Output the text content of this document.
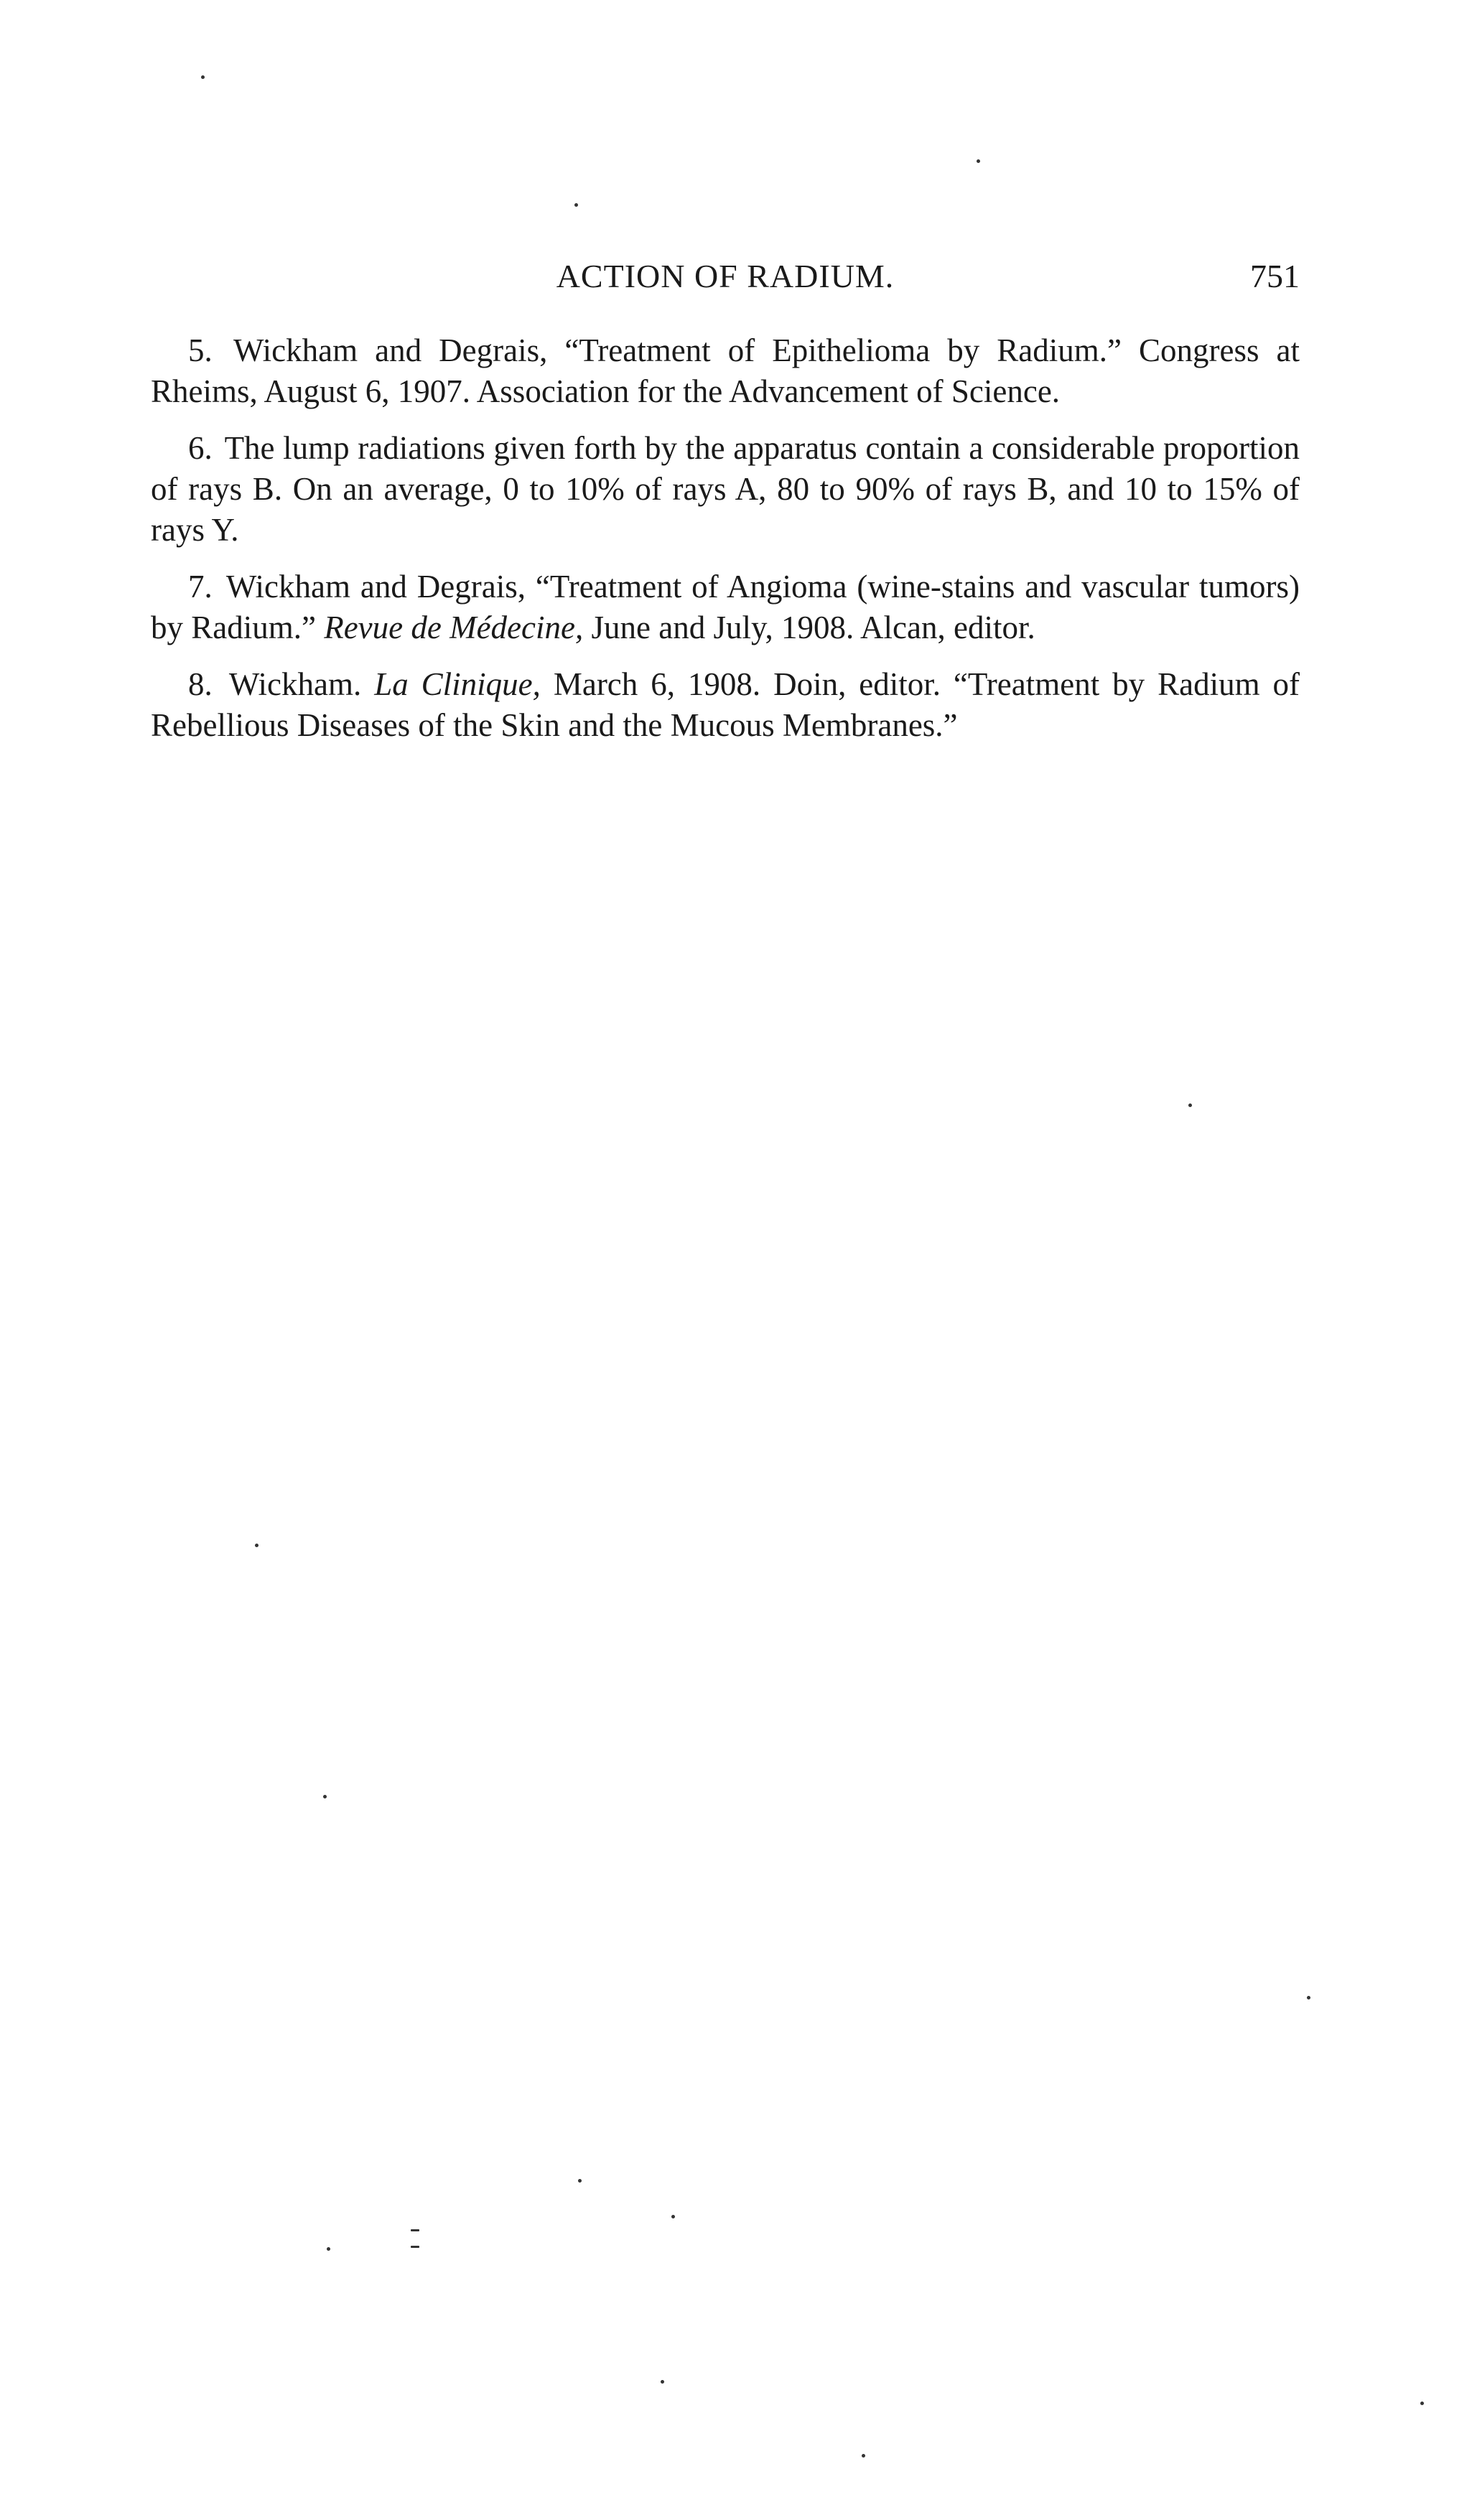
ACTION OF RADIUM.	751

5. Wickham and Degrais, “Treatment of Epithelioma by Radium.” Congress at Rheims, August 6, 1907. Association for the Advancement of Science.

6. The lump radiations given forth by the apparatus contain a considerable proportion of rays B. On an average, 0 to 10% of rays A, 80 to 90% of rays B, and 10 to 15% of rays Y.

7. Wickham and Degrais, “Treatment of Angioma (wine-stains and vascular tumors) by Radium.” Revue de Médecine, June and July, 1908. Alcan, editor.

8. Wickham. La Clinique, March 6, 1908. Doin, editor. “Treatment by Radium of Rebellious Diseases of the Skin and the Mucous Membranes.”
